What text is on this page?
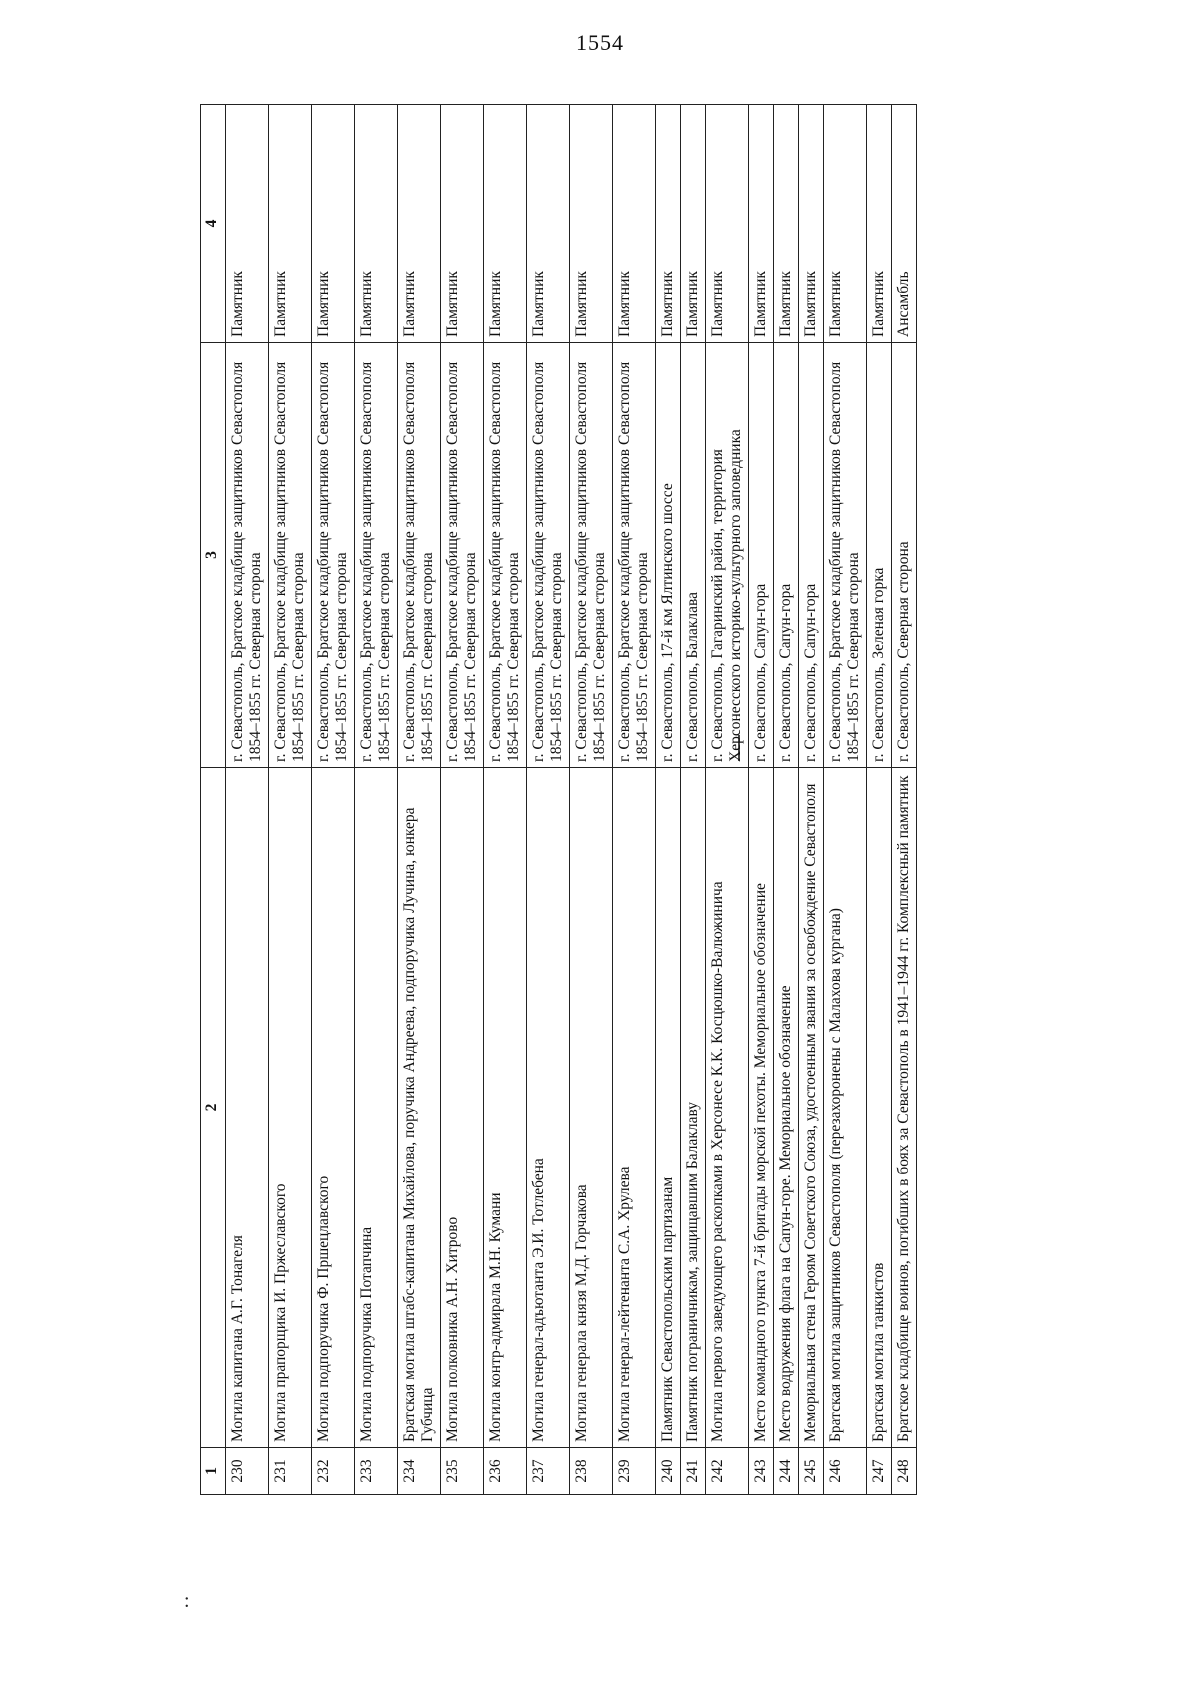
1554
:
1	2	3	4
230	Могила капитана А.Г. Тонагеля	г. Севастополь, Братское кладбище защитников Севастополя 1854–1855 гг. Северная сторона	Памятник
231	Могила прапорщика И. Пржеславского	г. Севастополь, Братское кладбище защитников Севастополя 1854–1855 гг. Северная сторона	Памятник
232	Могила подпоручика Ф. Пршецлавского	г. Севастополь, Братское кладбище защитников Севастополя 1854–1855 гг. Северная сторона	Памятник
233	Могила подпоручика Потапчина	г. Севастополь, Братское кладбище защитников Севастополя 1854–1855 гг. Северная сторона	Памятник
234	Братская могила штабс-капитана Михайлова, поручика Андреева, подпоручика Лучина, юнкера Губчица	г. Севастополь, Братское кладбище защитников Севастополя 1854–1855 гг. Северная сторона	Памятник
235	Могила полковника А.Н. Хитрово	г. Севастополь, Братское кладбище защитников Севастополя 1854–1855 гг. Северная сторона	Памятник
236	Могила контр-адмирала М.Н. Кумани	г. Севастополь, Братское кладбище защитников Севастополя 1854–1855 гг. Северная сторона	Памятник
237	Могила генерал-адъютанта Э.И. Тотлебена	г. Севастополь, Братское кладбище защитников Севастополя 1854–1855 гг. Северная сторона	Памятник
238	Могила генерала князя М.Д. Горчакова	г. Севастополь, Братское кладбище защитников Севастополя 1854–1855 гг. Северная сторона	Памятник
239	Могила генерал-лейтенанта С.А. Хрулева	г. Севастополь, Братское кладбище защитников Севастополя 1854–1855 гг. Северная сторона	Памятник
240	Памятник Севастопольским партизанам	г. Севастополь, 17-й км Ялтинского шоссе	Памятник
241	Памятник пограничникам, защищавшим Балаклаву	г. Севастополь, Балаклава	Памятник
242	Могила первого заведующего раскопками в Херсонесе К.К. Косцюшко-Валюжинича	г. Севастополь, Гагаринский район, территория Херсонесского историко-культурного заповедника	Памятник
243	Место командного пункта 7-й бригады морской пехоты. Мемориальное обозначение	г. Севастополь, Сапун-гора	Памятник
244	Место водружения флага на Сапун-горе. Мемориальное обозначение	г. Севастополь, Сапун-гора	Памятник
245	Мемориальная стена Героям Советского Союза, удостоенным звания за освобождение Севастополя	г. Севастополь, Сапун-гора	Памятник
246	Братская могила защитников Севастополя (перезахоронены с Малахова кургана)	г. Севастополь, Братское кладбище защитников Севастополя 1854–1855 гг. Северная сторона	Памятник
247	Братская могила танкистов	г. Севастополь, Зеленая горка	Памятник
248	Братское кладбище воинов, погибших в боях за Севастополь в 1941–1944 гг. Комплексный памятник	г. Севастополь, Северная сторона	Ансамбль
